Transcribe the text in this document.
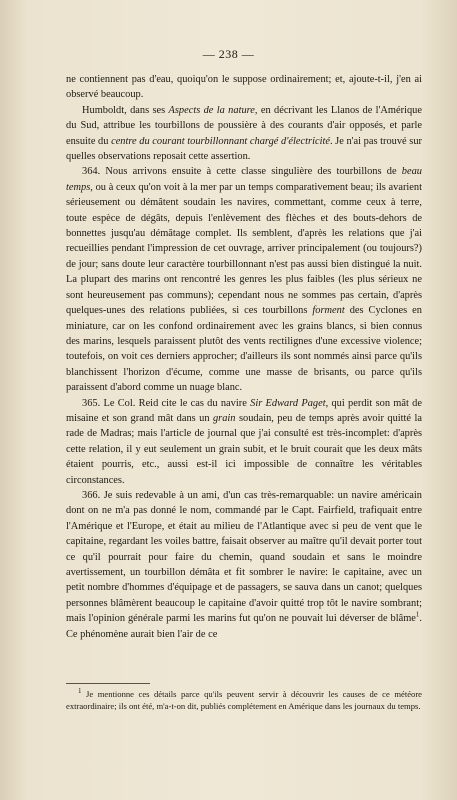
— 238 —

ne contiennent pas d'eau, quoiqu'on le suppose ordinairement; et, ajoute-t-il, j'en ai observé beaucoup.

Humboldt, dans ses Aspects de la nature, en décrivant les Llanos de l'Amérique du Sud, attribue les tourbillons de poussière à des courants d'air opposés, et parle ensuite du centre du courant tourbillonnant chargé d'électricité. Je n'ai pas trouvé sur quelles observations reposait cette assertion.

364. Nous arrivons ensuite à cette classe singulière des tourbillons de beau temps, ou à ceux qu'on voit à la mer par un temps comparativement beau; ils avarient sérieusement ou démâtent soudain les navires, commettant, comme ceux à terre, toute espèce de dégâts, depuis l'enlèvement des flèches et des bouts-dehors de bonnettes jusqu'au démâtage complet. Ils semblent, d'après les relations que j'ai recueillies pendant l'impression de cet ouvrage, arriver principalement (ou toujours?) de jour; sans doute leur caractère tourbillonnant n'est pas aussi bien distingué la nuit. La plupart des marins ont rencontré les genres les plus faibles (les plus sérieux ne sont heureusement pas communs); cependant nous ne sommes pas certain, d'après quelques-unes des relations publiées, si ces tourbillons forment des Cyclones en miniature, car on les confond ordinairement avec les grains blancs, si bien connus des marins, lesquels paraissent plutôt des vents rectilignes d'une excessive violence; toutefois, on voit ces derniers approcher; d'ailleurs ils sont nommés ainsi parce qu'ils blanchissent l'horizon d'écume, comme une masse de brisants, ou parce qu'ils paraissent d'abord comme un nuage blanc.

365. Le Col. Reid cite le cas du navire Sir Edward Paget, qui perdit son mât de misaine et son grand mât dans un grain soudain, peu de temps après avoir quitté la rade de Madras; mais l'article de journal que j'ai consulté est très-incomplet: d'après cette relation, il y eut seulement un grain subit, et le bruit courait que les deux mâts étaient pourris, etc., aussi est-il ici impossible de connaître les véritables circonstances.

366. Je suis redevable à un ami, d'un cas très-remarquable: un navire américain dont on ne m'a pas donné le nom, commandé par le Capt. Fairfield, trafiquait entre l'Amérique et l'Europe, et était au milieu de l'Atlantique avec si peu de vent que le capitaine, regardant les voiles battre, faisait observer au maître qu'il devait porter tout ce qu'il pourrait pour faire du chemin, quand soudain et sans le moindre avertissement, un tourbillon démâta et fit sombrer le navire: le capitaine, avec un petit nombre d'hommes d'équipage et de passagers, se sauva dans un canot; quelques personnes blâmèrent beaucoup le capitaine d'avoir quitté trop tôt le navire sombrant; mais l'opinion générale parmi les marins fut qu'on ne pouvait lui déverser de blâme$^1$. Ce phénomène aurait bien l'air de ce

$^1$ Je mentionne ces détails parce qu'ils peuvent servir à découvrir les causes de ce météore extraordinaire; ils ont été, m'a-t-on dit, publiés complétement en Amérique dans les journaux du temps.
